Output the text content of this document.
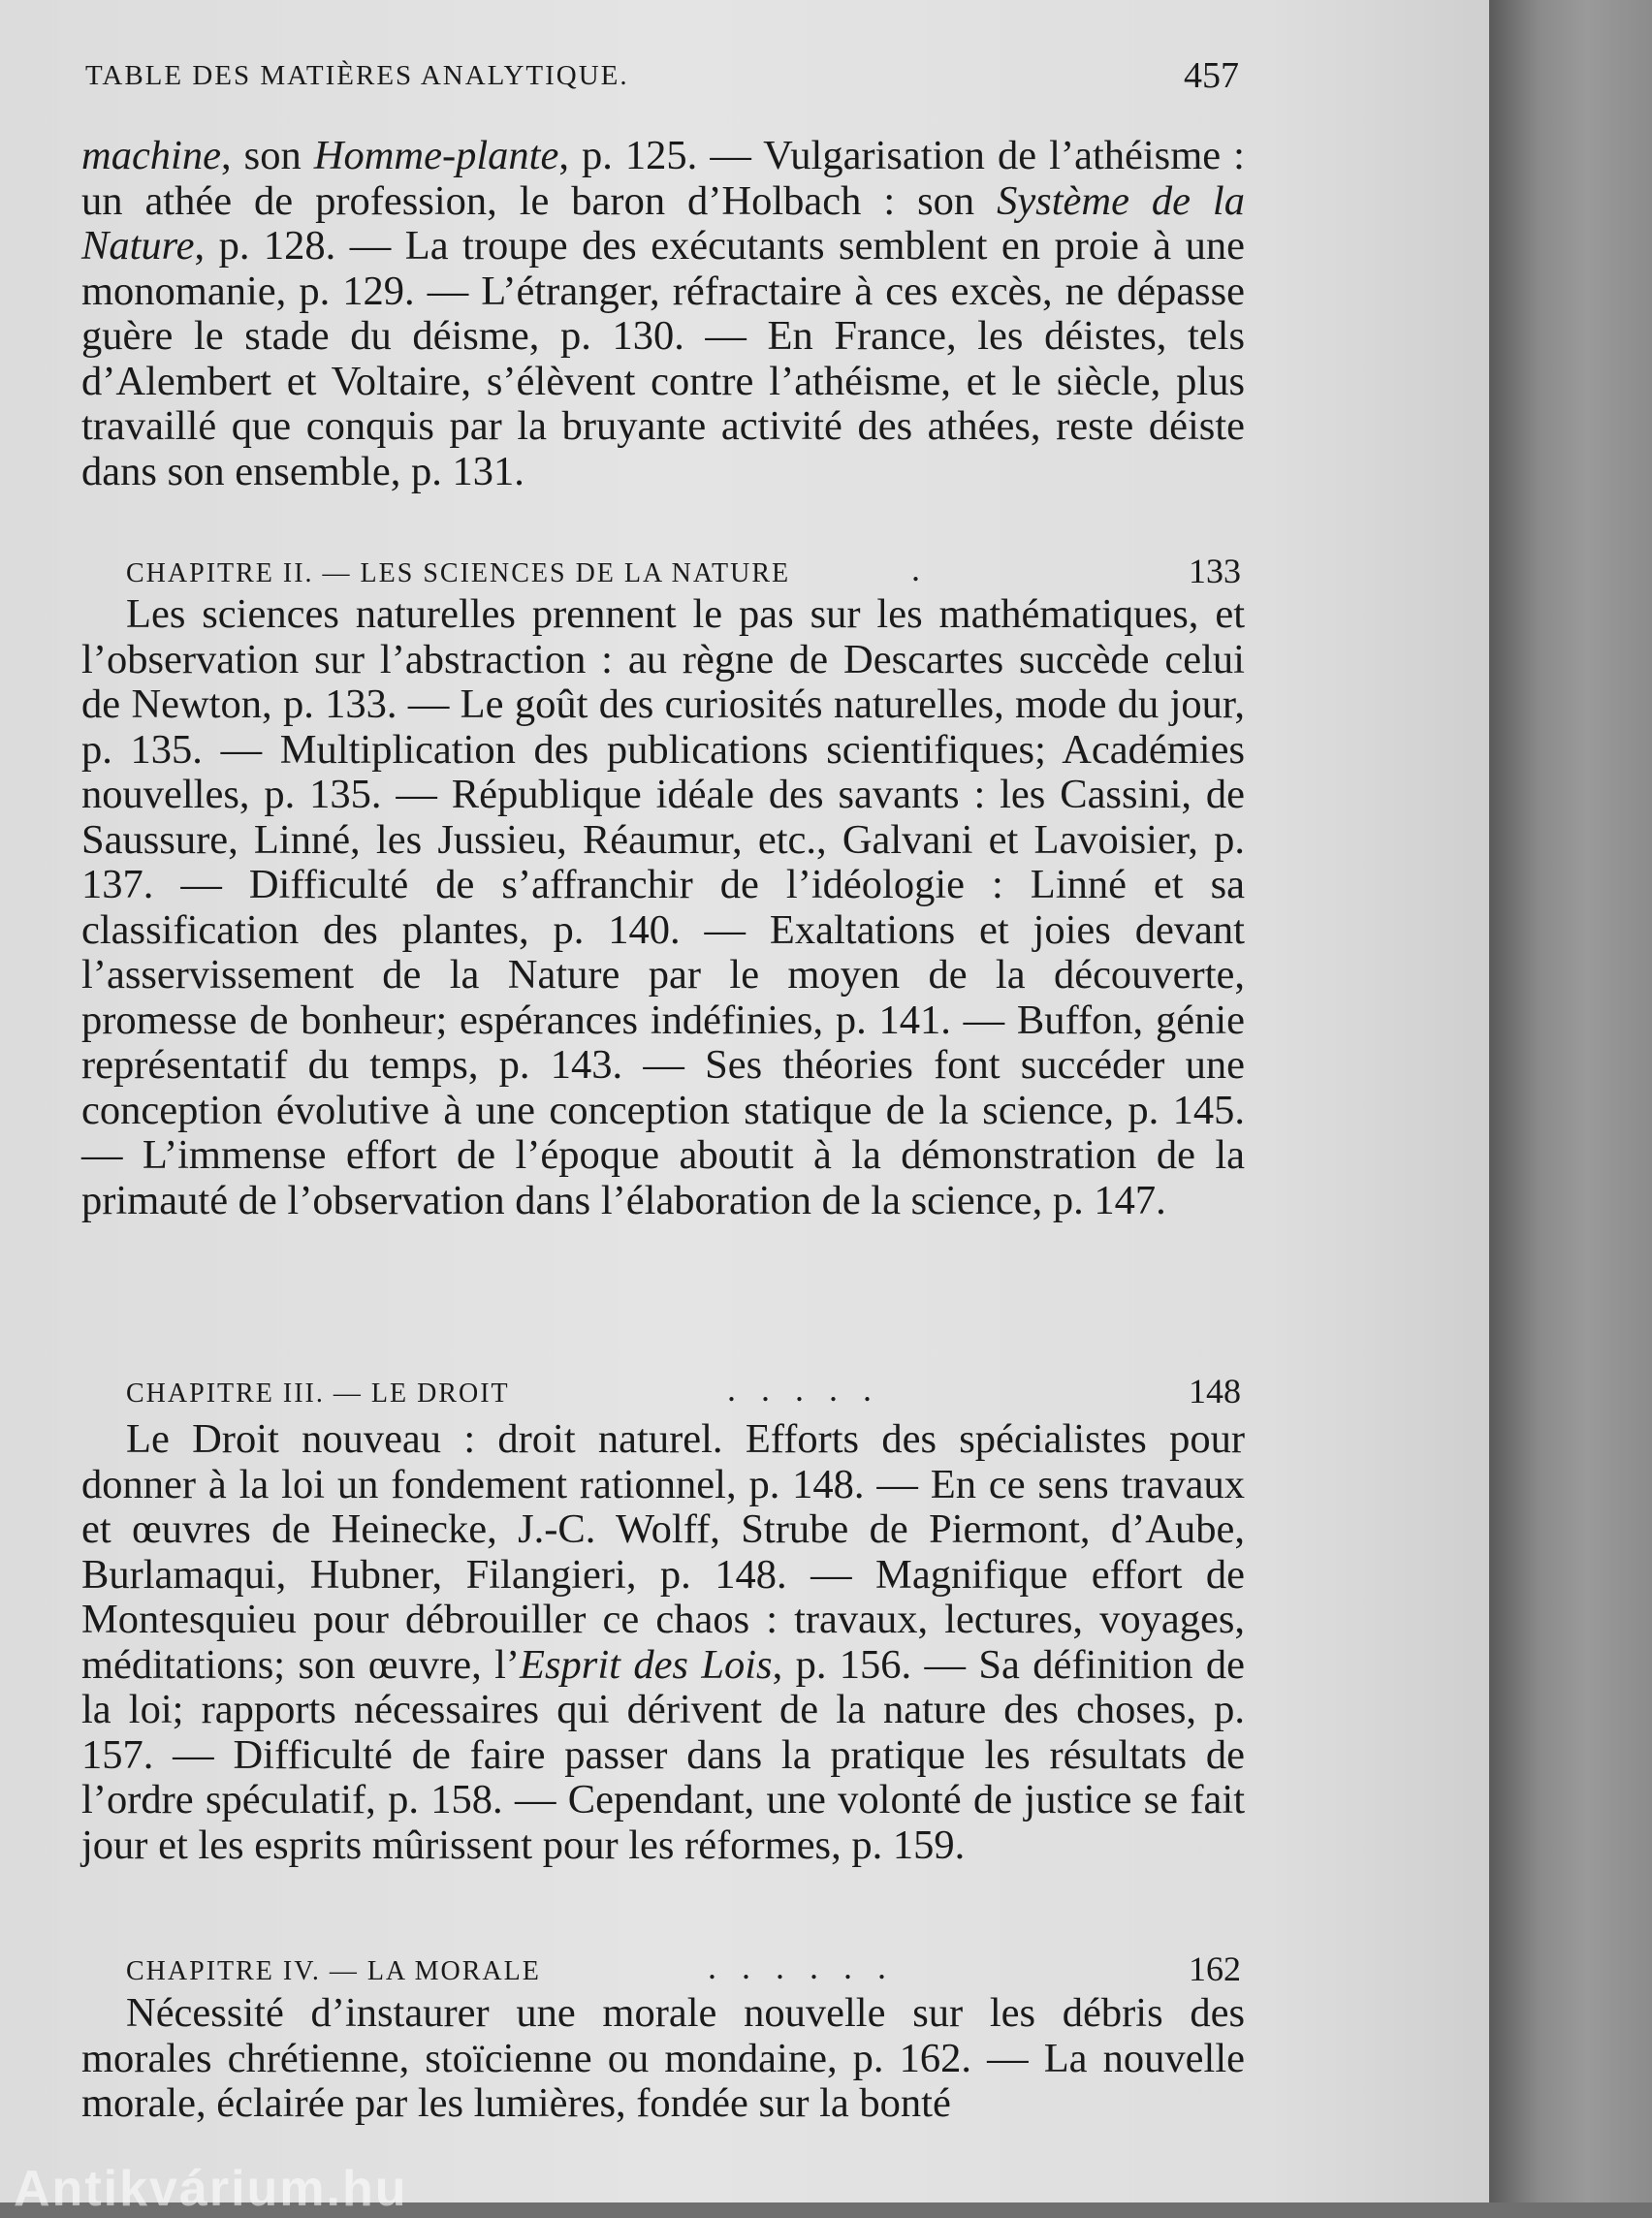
TABLE DES MATIÈRES ANALYTIQUE.	457

machine, son Homme-plante, p. 125. — Vulgarisation de l’athéisme : un athée de profession, le baron d’Holbach : son Système de la Nature, p. 128. — La troupe des exécutants semblent en proie à une monomanie, p. 129. — L’étranger, réfractaire à ces excès, ne dépasse guère le stade du déisme, p. 130. — En France, les déistes, tels d’Alembert et Voltaire, s’élèvent contre l’athéisme, et le siècle, plus travaillé que conquis par la bruyante activité des athées, reste déiste dans son ensemble, p. 131.

CHAPITRE II. — LES SCIENCES DE LA NATURE	.	133

Les sciences naturelles prennent le pas sur les mathématiques, et l’observation sur l’abstraction : au règne de Descartes succède celui de Newton, p. 133. — Le goût des curiosités naturelles, mode du jour, p. 135. — Multiplication des publications scientifiques; Académies nouvelles, p. 135. — République idéale des savants : les Cassini, de Saussure, Linné, les Jussieu, Réaumur, etc., Galvani et Lavoisier, p. 137. — Difficulté de s’affranchir de l’idéologie : Linné et sa classification des plantes, p. 140. — Exaltations et joies devant l’asservissement de la Nature par le moyen de la découverte, promesse de bonheur; espérances indéfinies, p. 141. — Buffon, génie représentatif du temps, p. 143. — Ses théories font succéder une conception évolutive à une conception statique de la science, p. 145. — L’immense effort de l’époque aboutit à la démonstration de la primauté de l’observation dans l’élaboration de la science, p. 147.

CHAPITRE III. — LE DROIT	.....	148

Le Droit nouveau : droit naturel. Efforts des spécialistes pour donner à la loi un fondement rationnel, p. 148. — En ce sens travaux et œuvres de Heinecke, J.-C. Wolff, Strube de Piermont, d’Aube, Burlamaqui, Hubner, Filangieri, p. 148. — Magnifique effort de Montesquieu pour débrouiller ce chaos : travaux, lectures, voyages, méditations; son œuvre, l’Esprit des Lois, p. 156. — Sa définition de la loi; rapports nécessaires qui dérivent de la nature des choses, p. 157. — Difficulté de faire passer dans la pratique les résultats de l’ordre spéculatif, p. 158. — Cependant, une volonté de justice se fait jour et les esprits mûrissent pour les réformes, p. 159.

CHAPITRE IV. — LA MORALE	......	162

Nécessité d’instaurer une morale nouvelle sur les débris des morales chrétienne, stoïcienne ou mondaine, p. 162. — La nouvelle morale, éclairée par les lumières, fondée sur la bonté

Antikvárium.hu
